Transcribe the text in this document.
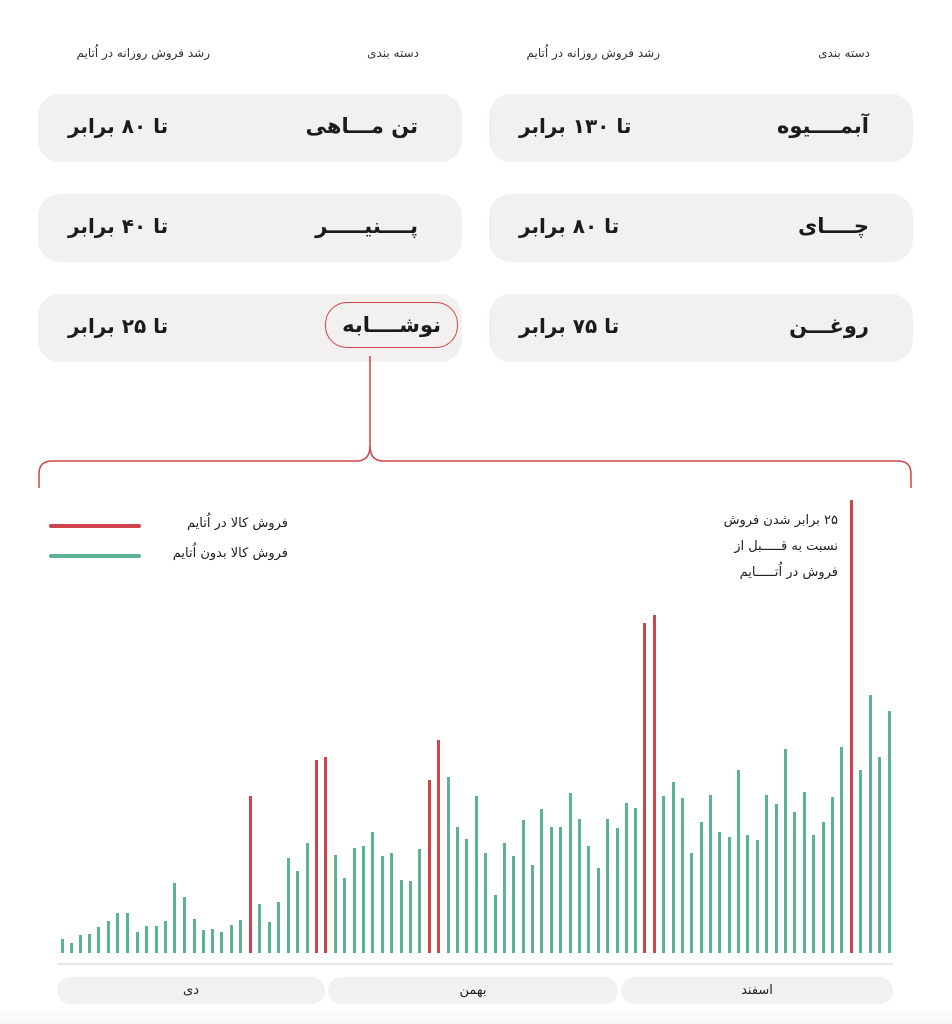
دسته بندی
رشد فروش روزانه در اُتایم
دسته بندی
رشد فروش روزانه در اُتایم
آبمــــیوه
تا ۱۳۰ برابر
چــــای
تا ۸۰ برابر
روغـــن
تا ۷۵ برابر
تن مـــاهی
تا ۸۰ برابر
پــــنیـــــر
تا ۴۰ برابر
نوشــــابه
تا ۲۵ برابر
فروش کالا در اُتایم
فروش کالا بدون اُتایم
۲۵ برابر شدن فروش
نسبت به قـــــبل از
فروش در اُتـــــایم
دی	بهمن	اسفند
